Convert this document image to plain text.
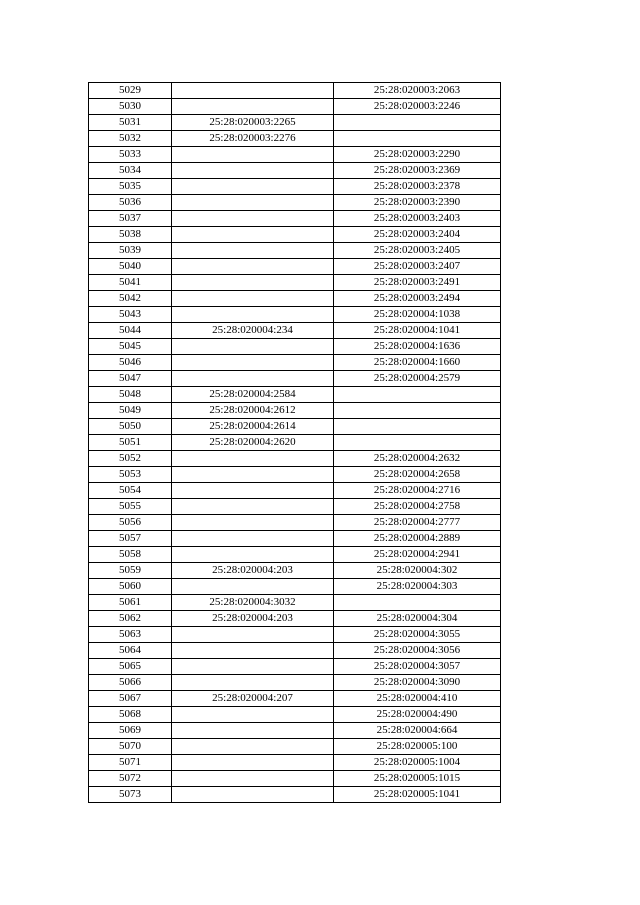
5029		25:28:020003:2063
5030		25:28:020003:2246
5031	25:28:020003:2265	
5032	25:28:020003:2276	
5033		25:28:020003:2290
5034		25:28:020003:2369
5035		25:28:020003:2378
5036		25:28:020003:2390
5037		25:28:020003:2403
5038		25:28:020003:2404
5039		25:28:020003:2405
5040		25:28:020003:2407
5041		25:28:020003:2491
5042		25:28:020003:2494
5043		25:28:020004:1038
5044	25:28:020004:234	25:28:020004:1041
5045		25:28:020004:1636
5046		25:28:020004:1660
5047		25:28:020004:2579
5048	25:28:020004:2584	
5049	25:28:020004:2612	
5050	25:28:020004:2614	
5051	25:28:020004:2620	
5052		25:28:020004:2632
5053		25:28:020004:2658
5054		25:28:020004:2716
5055		25:28:020004:2758
5056		25:28:020004:2777
5057		25:28:020004:2889
5058		25:28:020004:2941
5059	25:28:020004:203	25:28:020004:302
5060		25:28:020004:303
5061	25:28:020004:3032	
5062	25:28:020004:203	25:28:020004:304
5063		25:28:020004:3055
5064		25:28:020004:3056
5065		25:28:020004:3057
5066		25:28:020004:3090
5067	25:28:020004:207	25:28:020004:410
5068		25:28:020004:490
5069		25:28:020004:664
5070		25:28:020005:100
5071		25:28:020005:1004
5072		25:28:020005:1015
5073		25:28:020005:1041
